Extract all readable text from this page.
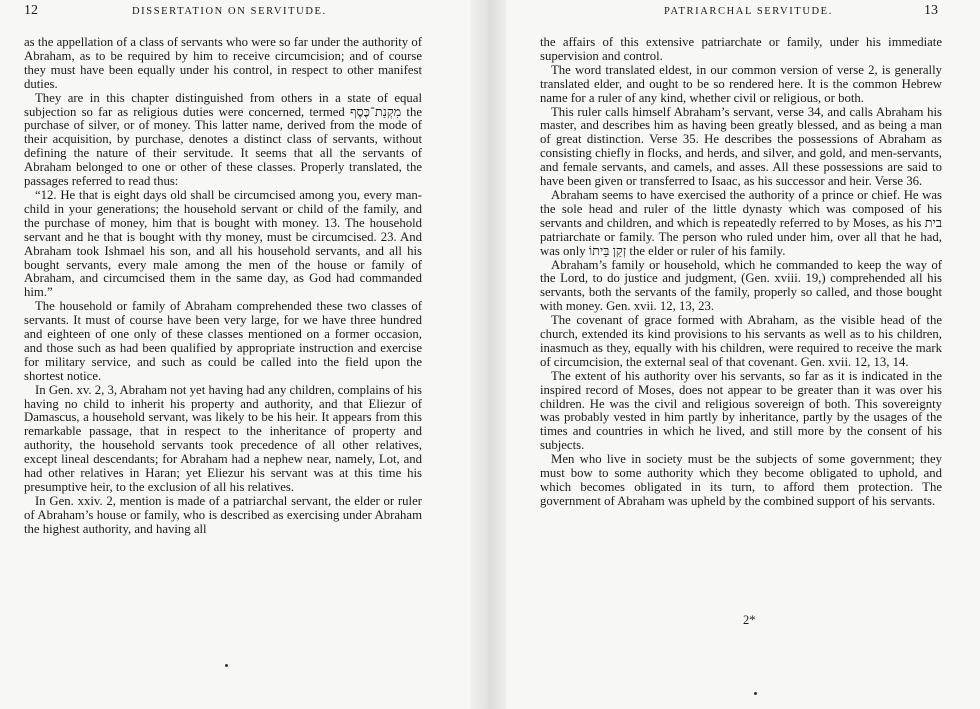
12	DISSERTATION ON SERVITUDE.

as the appellation of a class of servants who were so far under the authority of Abraham, as to be required by him to receive circumcision; and of course they must have been equally under his control, in respect to other manifest duties.

They are in this chapter distinguished from others in a state of equal subjection so far as religious duties were concerned, termed מִקְנַת־כֶּסֶף the purchase of silver, or of money. This latter name, derived from the mode of their acquisition, by purchase, denotes a distinct class of servants, without defining the nature of their servitude. It seems that all the servants of Abraham belonged to one or other of these classes. Properly translated, the passages referred to read thus:

“12. He that is eight days old shall be circumcised among you, every man-child in your generations; the household servant or child of the family, and the purchase of money, him that is bought with money. 13. The household servant and he that is bought with thy money, must be circumcised. 23. And Abraham took Ishmael his son, and all his household servants, and all his bought servants, every male among the men of the house or family of Abraham, and circumcised them in the same day, as God had commanded him.”

The household or family of Abraham comprehended these two classes of servants. It must of course have been very large, for we have three hundred and eighteen of one only of these classes mentioned on a former occasion, and those such as had been qualified by appropriate instruction and exercise for military service, and such as could be called into the field upon the shortest notice.

In Gen. xv. 2, 3, Abraham not yet having had any children, complains of his having no child to inherit his property and authority, and that Eliezur of Damascus, a household servant, was likely to be his heir. It appears from this remarkable passage, that in respect to the inheritance of property and authority, the household servants took precedence of all other relatives, except lineal descendants; for Abraham had a nephew near, namely, Lot, and had other relatives in Haran; yet Eliezur his servant was at this time his presumptive heir, to the exclusion of all his relatives.

In Gen. xxiv. 2, mention is made of a patriarchal servant, the elder or ruler of Abraham’s house or family, who is described as exercising under Abraham the highest authority, and having all

PATRIARCHAL SERVITUDE.	13

the affairs of this extensive patriarchate or family, under his immediate supervision and control.

The word translated eldest, in our common version of verse 2, is generally translated elder, and ought to be so rendered here. It is the common Hebrew name for a ruler of any kind, whether civil or religious, or both.

This ruler calls himself Abraham’s servant, verse 34, and calls Abraham his master, and describes him as having been greatly blessed, and as being a man of great distinction. Verse 35. He describes the possessions of Abraham as consisting chiefly in flocks, and herds, and silver, and gold, and men-servants, and female servants, and camels, and asses. All these possessions are said to have been given or transferred to Isaac, as his successor and heir. Verse 36.

Abraham seems to have exercised the authority of a prince or chief. He was the sole head and ruler of the little dynasty which was composed of his servants and children, and which is repeatedly referred to by Moses, as his בית patriarchate or family. The person who ruled under him, over all that he had, was only זְקַן בֵּיתוֹ the elder or ruler of his family.

Abraham’s family or household, which he commanded to keep the way of the Lord, to do justice and judgment, (Gen. xviii. 19,) comprehended all his servants, both the servants of the family, properly so called, and those bought with money. Gen. xvii. 12, 13, 23.

The covenant of grace formed with Abraham, as the visible head of the church, extended its kind provisions to his servants as well as to his children, inasmuch as they, equally with his children, were required to receive the mark of circumcision, the external seal of that covenant. Gen. xvii. 12, 13, 14.

The extent of his authority over his servants, so far as it is indicated in the inspired record of Moses, does not appear to be greater than it was over his children. He was the civil and religious sovereign of both. This sovereignty was probably vested in him partly by inheritance, partly by the usages of the times and countries in which he lived, and still more by the consent of his subjects.

Men who live in society must be the subjects of some government; they must bow to some authority which they become obligated to uphold, and which becomes obligated in its turn, to afford them protection. The government of Abraham was upheld by the combined support of his servants.

2*
